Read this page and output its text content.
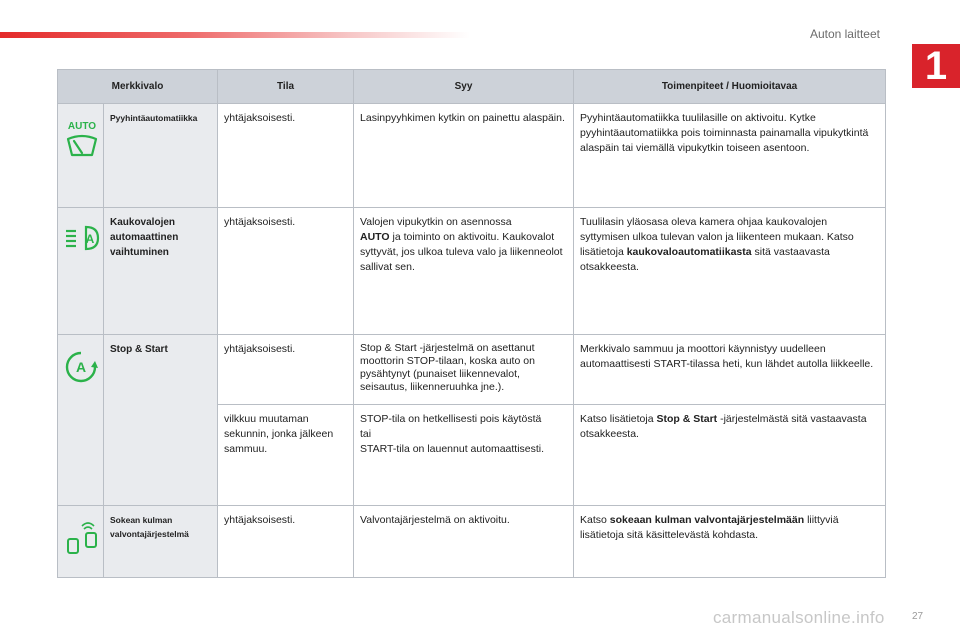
Auton laitteet
1
Merkkivalo		Tila	Syy	Toimenpiteet / Huomioitavaa

AUTO	Pyyhintäautomatiikka	yhtäjaksoisesti.	Lasinpyyhkimen kytkin on painettu alaspäin.	Pyyhintäautomatiikka tuulilasille on aktivoitu. Kytke pyyhintäautomatiikka pois toiminnasta painamalla vipukytkintä alaspäin tai viemällä vipukytkin toiseen asentoon.

A	Kaukovalojen automaattinen vaihtuminen	yhtäjaksoisesti.	Valojen vipukytkin on asennossa
AUTO ja toiminto on aktivoitu. Kaukovalot syttyvät, jos ulkoa tuleva valo ja liikenneolot sallivat sen.	Tuulilasin yläosasa oleva kamera ohjaa kaukovalojen syttymisen ulkoa tulevan valon ja liikenteen mukaan. Katso lisätietoja kaukovaloautomatiikasta sitä vastaavasta otsakkeesta.

A	Stop & Start	yhtäjaksoisesti.	Stop & Start -järjestelmä on asettanut moottorin STOP-tilaan, koska auto on pysähtynyt (punaiset liikennevalot, seisautus, liikenneruuhka jne.).	Merkkivalo sammuu ja moottori käynnistyy uudelleen automaattisesti START-tilassa heti, kun lähdet autolla liikkeelle.
		vilkkuu muutaman sekunnin, jonka jälkeen sammuu.	STOP-tila on hetkellisesti pois käytöstä
tai
START-tila on lauennut automaattisesti.	Katso lisätietoja Stop & Start -järjestelmästä sitä vastaavasta otsakkeesta.

	Sokean kulman valvontajärjestelmä	yhtäjaksoisesti.	Valvontajärjestelmä on aktivoitu.	Katso sokeaan kulman valvontajärjestelmään liittyviä lisätietoja sitä käsittelevästä kohdasta.
carmanualsonline.info	27
